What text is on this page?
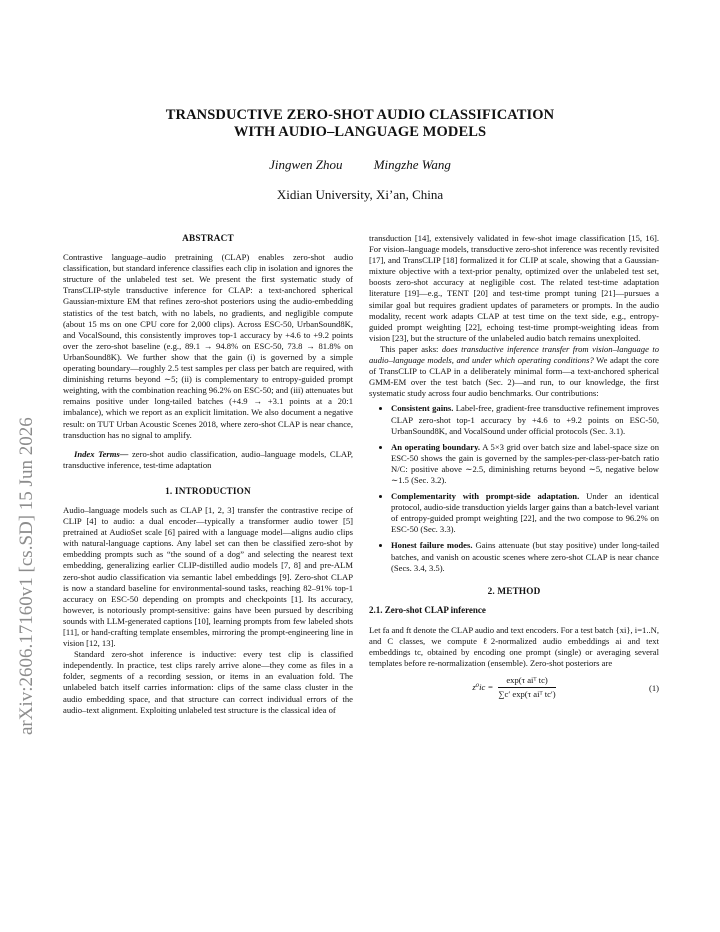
arXiv:2606.17160v1 [cs.SD] 15 Jun 2026
TRANSDUCTIVE ZERO-SHOT AUDIO CLASSIFICATION
WITH AUDIO–LANGUAGE MODELS
Jingwen Zhou Mingzhe Wang
Xidian University, Xi’an, China
ABSTRACT

Contrastive language–audio pretraining (CLAP) enables zero-shot audio classification, but standard inference classifies each clip in isolation and ignores the structure of the unlabeled test set. We present the first systematic study of TransCLIP-style transductive inference for CLAP: a text-anchored spherical Gaussian-mixture EM that refines zero-shot posteriors using the audio-embedding statistics of the test batch, with no labels, no gradients, and negligible compute (about 15 ms on one CPU core for 2,000 clips). Across ESC-50, UrbanSound8K, and VocalSound, this consistently improves top-1 accuracy by +4.6 to +9.2 points over the zero-shot baseline (e.g., 89.1 → 94.8% on ESC-50, 73.8 → 81.8% on UrbanSound8K). We further show that the gain (i) is governed by a simple operating boundary—roughly 2.5 test samples per class per batch are required, with diminishing returns beyond ∼5; (ii) is complementary to entropy-guided prompt weighting, with the combination reaching 96.2% on ESC-50; and (iii) attenuates but remains positive under long-tailed batches (+4.9 → +3.1 points at a 20:1 imbalance), which we report as an explicit limitation. We also document a negative result: on TUT Urban Acoustic Scenes 2018, where zero-shot CLAP is near chance, transduction has no signal to amplify.

Index Terms— zero-shot audio classification, audio–language models, CLAP, transductive inference, test-time adaptation

1. INTRODUCTION

Audio–language models such as CLAP [1, 2, 3] transfer the contrastive recipe of CLIP [4] to audio: a dual encoder—typically a transformer audio tower [5] pretrained at AudioSet scale [6] paired with a language model—aligns audio clips with natural-language captions. Any label set can then be classified zero-shot by embedding prompts such as “the sound of a dog” and selecting the nearest text embedding, generalizing earlier CLIP-distilled audio models [7, 8] and pre-ALM zero-shot audio classification via semantic label embeddings [9]. Zero-shot CLAP is now a standard baseline for environmental-sound tasks, reaching 82–91% top-1 accuracy on ESC-50 depending on prompts and checkpoints [1]. Its accuracy, however, is notoriously prompt-sensitive: gains have been pursued by describing sounds with LLM-generated captions [10], learning prompts from few labeled shots [11], or hand-crafting template ensembles, mirroring the prompt-engineering line in vision [12, 13].

Standard zero-shot inference is inductive: every test clip is classified independently. In practice, test clips rarely arrive alone—they come as files in a folder, segments of a recording session, or items in an evaluation fold. The unlabeled batch itself carries information: clips of the same class cluster in the audio embedding space, and that structure can correct individual errors of the audio–text alignment. Exploiting unlabeled test structure is the classical idea of

transduction [14], extensively validated in few-shot image classification [15, 16]. For vision–language models, transductive zero-shot inference was recently revisited [17], and TransCLIP [18] formalized it for CLIP at scale, showing that a Gaussian-mixture objective with a text-prior penalty, optimized over the unlabeled test set, boosts zero-shot accuracy at negligible cost. The related test-time adaptation literature [19]—e.g., TENT [20] and test-time prompt tuning [21]—pursues a similar goal but requires gradient updates of parameters or prompts. In the audio modality, recent work adapts CLAP at test time on the text side, e.g., entropy-guided prompt weighting [22], echoing test-time prompt-weighting ideas from vision [23], but the structure of the unlabeled audio batch remains unexploited.

This paper asks: does transductive inference transfer from vision–language to audio–language models, and under which operating conditions? We adapt the core of TransCLIP to CLAP in a deliberately minimal form—a text-anchored spherical GMM-EM over the test batch (Sec. 2)—and run, to our knowledge, the first systematic study across four audio benchmarks. Our contributions:

• Consistent gains. Label-free, gradient-free transductive refinement improves CLAP zero-shot top-1 accuracy by +4.6 to +9.2 points on ESC-50, UrbanSound8K, and VocalSound under official protocols (Sec. 3.1).
• An operating boundary. A 5×3 grid over batch size and label-space size on ESC-50 shows the gain is governed by the samples-per-class-per-batch ratio N/C: positive above ∼2.5, diminishing returns beyond ∼5, negative below ∼1.5 (Sec. 3.2).
• Complementarity with prompt-side adaptation. Under an identical protocol, audio-side transduction yields larger gains than a batch-level variant of entropy-guided prompt weighting [22], and the two compose to 96.2% on ESC-50 (Sec. 3.3).
• Honest failure modes. Gains attenuate (but stay positive) under long-tailed batches, and vanish on acoustic scenes where zero-shot CLAP is near chance (Secs. 3.4, 3.5).
2. METHOD
2.1. Zero-shot CLAP inference

Let fa and ft denote the CLAP audio and text encoders. For a test batch {xi}, i=1..N, and C classes, we compute ℓ2-normalized audio embeddings ai and text embeddings tc, obtained by encoding one prompt (single) or averaging several templates before re-normalization (ensemble). Zero-shot posteriors are

$z^0ic = \frac{\text{exp(τ aiᵀ tc)}}{\text{∑c′ exp(τ aiᵀ tc′)}}$	(1)
